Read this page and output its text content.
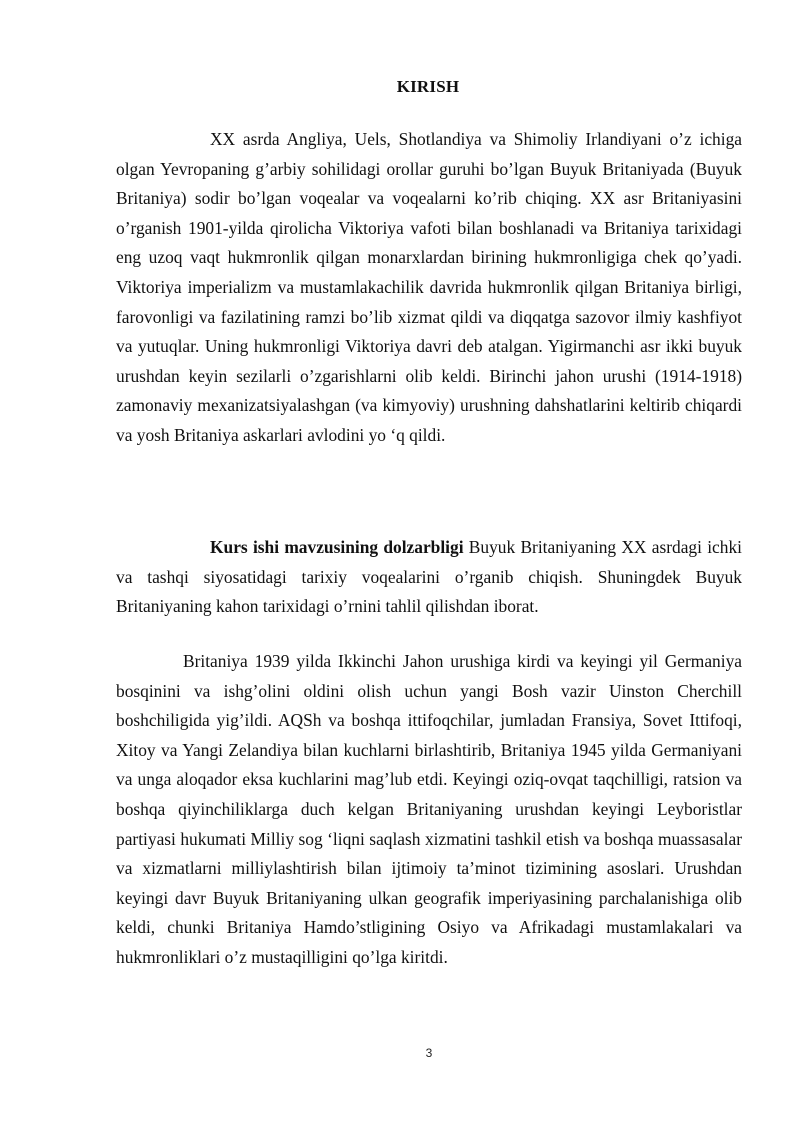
KIRISH

XX asrda Angliya, Uels, Shotlandiya va Shimoliy Irlandiyani o’z ichiga olgan Yevropaning g’arbiy sohilidagi orollar guruhi bo’lgan Buyuk Britaniyada (Buyuk Britaniya) sodir bo’lgan voqealar va voqealarni ko’rib chiqing. XX asr Britaniyasini o’rganish 1901-yilda qirolicha Viktoriya vafoti bilan boshlanadi va Britaniya tarixidagi eng uzoq vaqt hukmronlik qilgan monarxlardan birining hukmronligiga chek qo’yadi. Viktoriya imperializm va mustamlakachilik davrida hukmronlik qilgan Britaniya birligi, farovonligi va fazilatining ramzi bo’lib xizmat qildi va diqqatga sazovor ilmiy kashfiyot va yutuqlar. Uning hukmronligi Viktoriya davri deb atalgan. Yigirmanchi asr ikki buyuk urushdan keyin sezilarli o’zgarishlarni olib keldi. Birinchi jahon urushi (1914-1918) zamonaviy mexanizatsiyalashgan (va kimyoviy) urushning dahshatlarini keltirib chiqardi va yosh Britaniya askarlari avlodini yo ‘q qildi.

Kurs ishi mavzusining dolzarbligi Buyuk Britaniyaning XX asrdagi ichki va tashqi siyosatidagi tarixiy voqealarini o’rganib chiqish. Shuningdek Buyuk Britaniyaning kahon tarixidagi o’rnini tahlil qilishdan iborat.

Britaniya 1939 yilda Ikkinchi Jahon urushiga kirdi va keyingi yil Germaniya bosqinini va ishg’olini oldini olish uchun yangi Bosh vazir Uinston Cherchill boshchiligida yig’ildi. AQSh va boshqa ittifoqchilar, jumladan Fransiya, Sovet Ittifoqi, Xitoy va Yangi Zelandiya bilan kuchlarni birlashtirib, Britaniya 1945 yilda Germaniyani va unga aloqador eksa kuchlarini mag’lub etdi. Keyingi oziq-ovqat taqchilligi, ratsion va boshqa qiyinchiliklarga duch kelgan Britaniyaning urushdan keyingi Leyboristlar partiyasi hukumati Milliy sog ‘liqni saqlash xizmatini tashkil etish va boshqa muassasalar va xizmatlarni milliylashtirish bilan ijtimoiy ta’minot tizimining asoslari. Urushdan keyingi davr Buyuk Britaniyaning ulkan geografik imperiyasining parchalanishiga olib keldi, chunki Britaniya Hamdo’stligining Osiyo va Afrikadagi mustamlakalari va hukmronliklari o’z mustaqilligini qo’lga kiritdi.

3
